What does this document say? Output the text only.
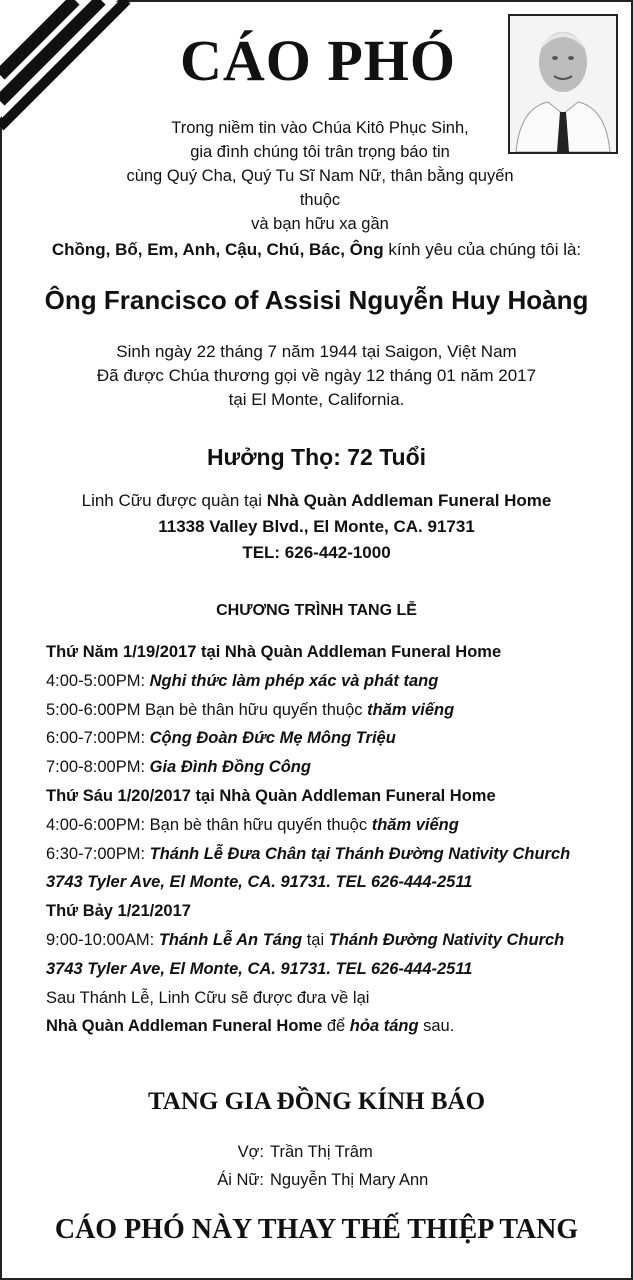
CÁO PHÓ
Trong niềm tin vào Chúa Kitô Phục Sinh,
gia đình chúng tôi trân trọng báo tin
cùng Quý Cha, Quý Tu Sĩ Nam Nữ, thân bằng quyến thuộc
và bạn hữu xa gần
Chồng, Bố, Em, Anh, Cậu, Chú, Bác, Ông kính yêu của chúng tôi là:
Ông Francisco of Assisi Nguyễn Huy Hoàng
Sinh ngày 22 tháng 7 năm 1944 tại Saigon, Việt Nam
Đã được Chúa thương gọi về ngày 12 tháng 01 năm 2017
tại El Monte, California.
Hưởng Thọ: 72 Tuổi
Linh Cữu được quàn tại Nhà Quàn Addleman Funeral Home
11338 Valley Blvd., El Monte, CA. 91731
TEL: 626-442-1000
CHƯƠNG TRÌNH TANG LỄ
Thứ Năm 1/19/2017 tại Nhà Quàn Addleman Funeral Home
4:00-5:00PM: Nghi thức làm phép xác và phát tang
5:00-6:00PM Bạn bè thân hữu quyến thuộc thăm viếng
6:00-7:00PM: Cộng Đoàn Đức Mẹ Mông Triệu
7:00-8:00PM: Gia Đình Đồng Công
Thứ Sáu 1/20/2017 tại Nhà Quàn Addleman Funeral Home
4:00-6:00PM: Bạn bè thân hữu quyến thuộc thăm viếng
6:30-7:00PM: Thánh Lễ Đưa Chân tại Thánh Đường Nativity Church
3743 Tyler Ave, El Monte, CA. 91731. TEL 626-444-2511
Thứ Bảy 1/21/2017
9:00-10:00AM: Thánh Lễ An Táng tại Thánh Đường Nativity Church
3743 Tyler Ave, El Monte, CA. 91731. TEL 626-444-2511
Sau Thánh Lễ, Linh Cữu sẽ được đưa về lại
Nhà Quàn Addleman Funeral Home để hỏa táng sau.
TANG GIA ĐỒNG KÍNH BÁO
Vợ: Trần Thị Trâm
Ái Nữ: Nguyễn Thị Mary Ann
CÁO PHÓ NÀY THAY THẾ THIỆP TANG
